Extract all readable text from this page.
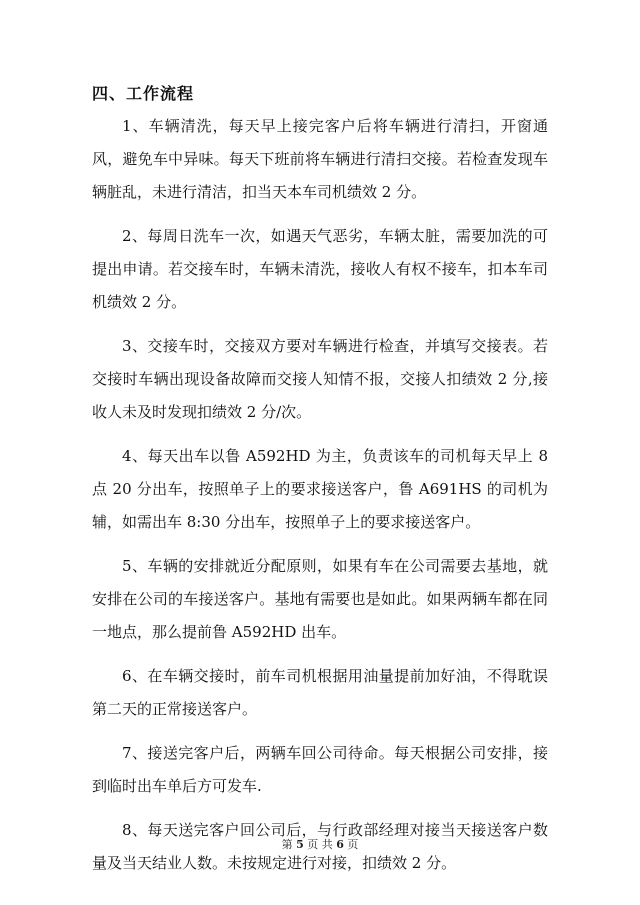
四、工作流程

1、车辆清洗，每天早上接完客户后将车辆进行清扫，开窗通风，避免车中异味。每天下班前将车辆进行清扫交接。若检查发现车辆脏乱，未进行清洁，扣当天本车司机绩效 2 分。

2、每周日洗车一次，如遇天气恶劣，车辆太脏，需要加洗的可提出申请。若交接车时，车辆未清洗，接收人有权不接车，扣本车司机绩效 2 分。

3、交接车时，交接双方要对车辆进行检查，并填写交接表。若交接时车辆出现设备故障而交接人知情不报，交接人扣绩效 2 分,接收人未及时发现扣绩效 2 分/次。

4、每天出车以鲁 A592HD 为主，负责该车的司机每天早上 8 点 20 分出车，按照单子上的要求接送客户，鲁 A691HS 的司机为辅，如需出车 8:30 分出车，按照单子上的要求接送客户。

5、车辆的安排就近分配原则，如果有车在公司需要去基地，就安排在公司的车接送客户。基地有需要也是如此。如果两辆车都在同一地点，那么提前鲁 A592HD 出车。

6、在车辆交接时，前车司机根据用油量提前加好油，不得耽误第二天的正常接送客户。

7、接送完客户后，两辆车回公司待命。每天根据公司安排，接到临时出车单后方可发车.

8、每天送完客户回公司后，与行政部经理对接当天接送客户数量及当天结业人数。未按规定进行对接，扣绩效 2 分。

第 5 页 共 6 页
